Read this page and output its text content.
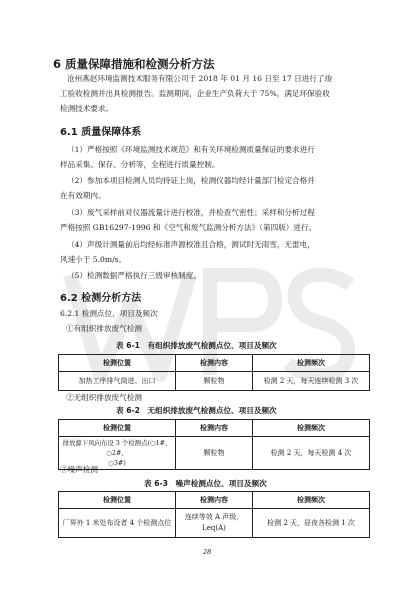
6 质量保障措施和检测分析方法
沧州燕赵环境监测技术服务有限公司于 2018 年 01 月 16 日至 17 日进行了竣
工验收检测并出具检测报告。监测期间，企业生产负荷大于 75%，满足环保验收
检测技术要求。
6.1 质量保障体系
（1）严格按照《环境监测技术规范》和有关环境检测质量保证的要求进行
样品采集、保存、分析等，全程进行质量控制。
（2）参加本项目检测人员均持证上岗，检测仪器均经计量部门检定合格并
在有效期内。
（3）废气采样前对仪器流量计进行校准，并检查气密性；采样和分析过程
严格按照 GB16297-1996 和《空气和废气监测分析方法》（第四版）进行。
（4）声级计测量前后均经标准声源校准且合格，测试时无雨雪，无雷电，
风速小于 5.0m/s。
（5）检测数据严格执行三级审核制度。
6.2 检测分析方法
6.2.1 检测点位、项目及频次
①有组织排放废气检测
表 6-1　有组织排放废气检测点位、项目及频次
检测位置	检测内容	检测频次
加热工序排气筒进、出口	颗粒物	检测 2 天，每天连续检测 3 次
②无组织排放废气检测
表 6-2　无组织排放废气检测点位、项目及频次
检测位置	检测内容	检测频次
排放源下风向布设 3 个检测点(○1#、○2#、
○3#)	颗粒物	检测 2 天，每天检测 4 次
③噪声检测
表 6-3　噪声检测点位、项目及频次
检测位置	检测内容	检测频次
厂界外 1 米处布设者 4 个检测点位	连续等效 A 声级，
Leq(A)	检测 2 天，昼夜各检测 1 次
28
